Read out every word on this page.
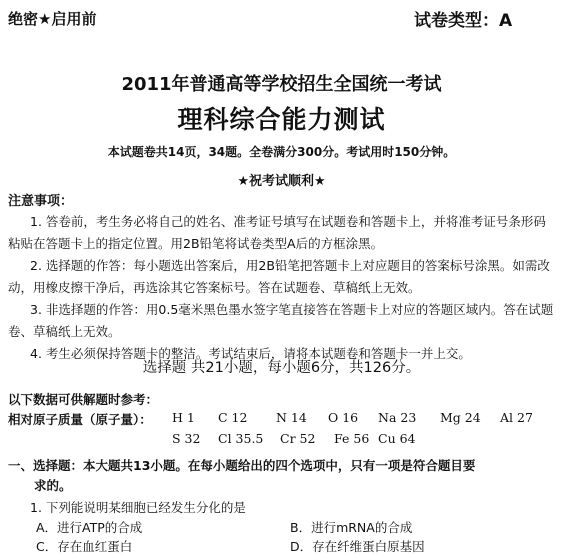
绝密★启用前	试卷类型：A
2011年普通高等学校招生全国统一考试
理科综合能力测试
本试题卷共14页，34题。全卷满分300分。考试用时150分钟。
★祝考试顺利★
注意事项：
1. 答卷前，考生务必将自己的姓名、准考证号填写在试题卷和答题卡上，并将准考证号条形码粘贴在答题卡上的指定位置。用2B铅笔将试卷类型A后的方框涂黑。
2. 选择题的作答：每小题选出答案后，用2B铅笔把答题卡上对应题目的答案标号涂黑。如需改动，用橡皮擦干净后，再选涂其它答案标号。答在试题卷、草稿纸上无效。
3. 非选择题的作答：用0.5毫米黑色墨水签字笔直接答在答题卡上对应的答题区域内。答在试题卷、草稿纸上无效。
4. 考生必须保持答题卡的整洁。考试结束后，请将本试题卷和答题卡一并上交。
选择题 共21小题，每小题6分，共126分。
以下数据可供解题时参考：
相对原子质量（原子量）： H 1 C 12 N 14 O 16 Na 23 Mg 24 Al 27
S 32 Cl 35.5 Cr 52 Fe 56 Cu 64
一、选择题：本大题共13小题。在每小题给出的四个选项中，只有一项是符合题目要
求的。
1. 下列能说明某细胞已经发生分化的是
A．进行ATP的合成	B．进行mRNA的合成
C．存在血红蛋白	D．存在纤维蛋白原基因
